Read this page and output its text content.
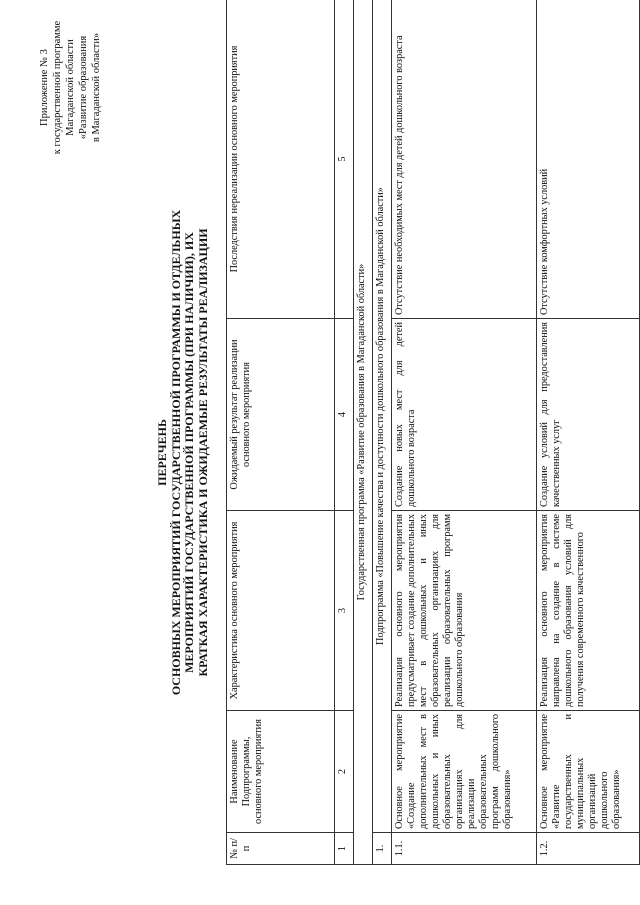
Приложение № 3 к государственной программе Магаданской области «Развитие образования в Магаданской области»
ПЕРЕЧЕНЬ ОСНОВНЫХ МЕРОПРИЯТИЙ ГОСУДАРСТВЕННОЙ ПРОГРАММЫ И ОТДЕЛЬНЫХ МЕРОПРИЯТИЙ ГОСУДАРСТВЕННОЙ ПРОГРАММЫ (ПРИ НАЛИЧИИ), ИХ КРАТКАЯ ХАРАКТЕРИСТИКА И ОЖИДАЕМЫЕ РЕЗУЛЬТАТЫ РЕАЛИЗАЦИИ
№ п/п	Наименование Подпрограммы, основного мероприятия	Характеристика основного мероприятия	Ожидаемый результат реализации основного мероприятия	Последствия нереализации основного мероприятия
1	2	3	4	5
Государственная программа «Развитие образования в Магаданской области»				
1.	Подпрограмма «Повышение качества и доступности дошкольного образования в Магаданской области»			
1.1.	Основное мероприятие «Создание дополнительных мест в дошкольных и иных образовательных организациях для реализации образовательных программ дошкольного образования»	Реализация основного мероприятия предусматривает создание дополнительных мест в дошкольных и иных образовательных организациях для реализации образовательных программ дошкольного образования	Создание новых мест для детей дошкольного возраста	Отсутствие необходимых мест для детей дошкольного возраста
1.2.	Основное мероприятие «Развитие государственных и муниципальных организаций дошкольного образования»	Реализация основного мероприятия направлена на создание в системе дошкольного образования условий для получения современного качественного	Создание условий для предоставления качественных услуг	Отсутствие комфортных условий
